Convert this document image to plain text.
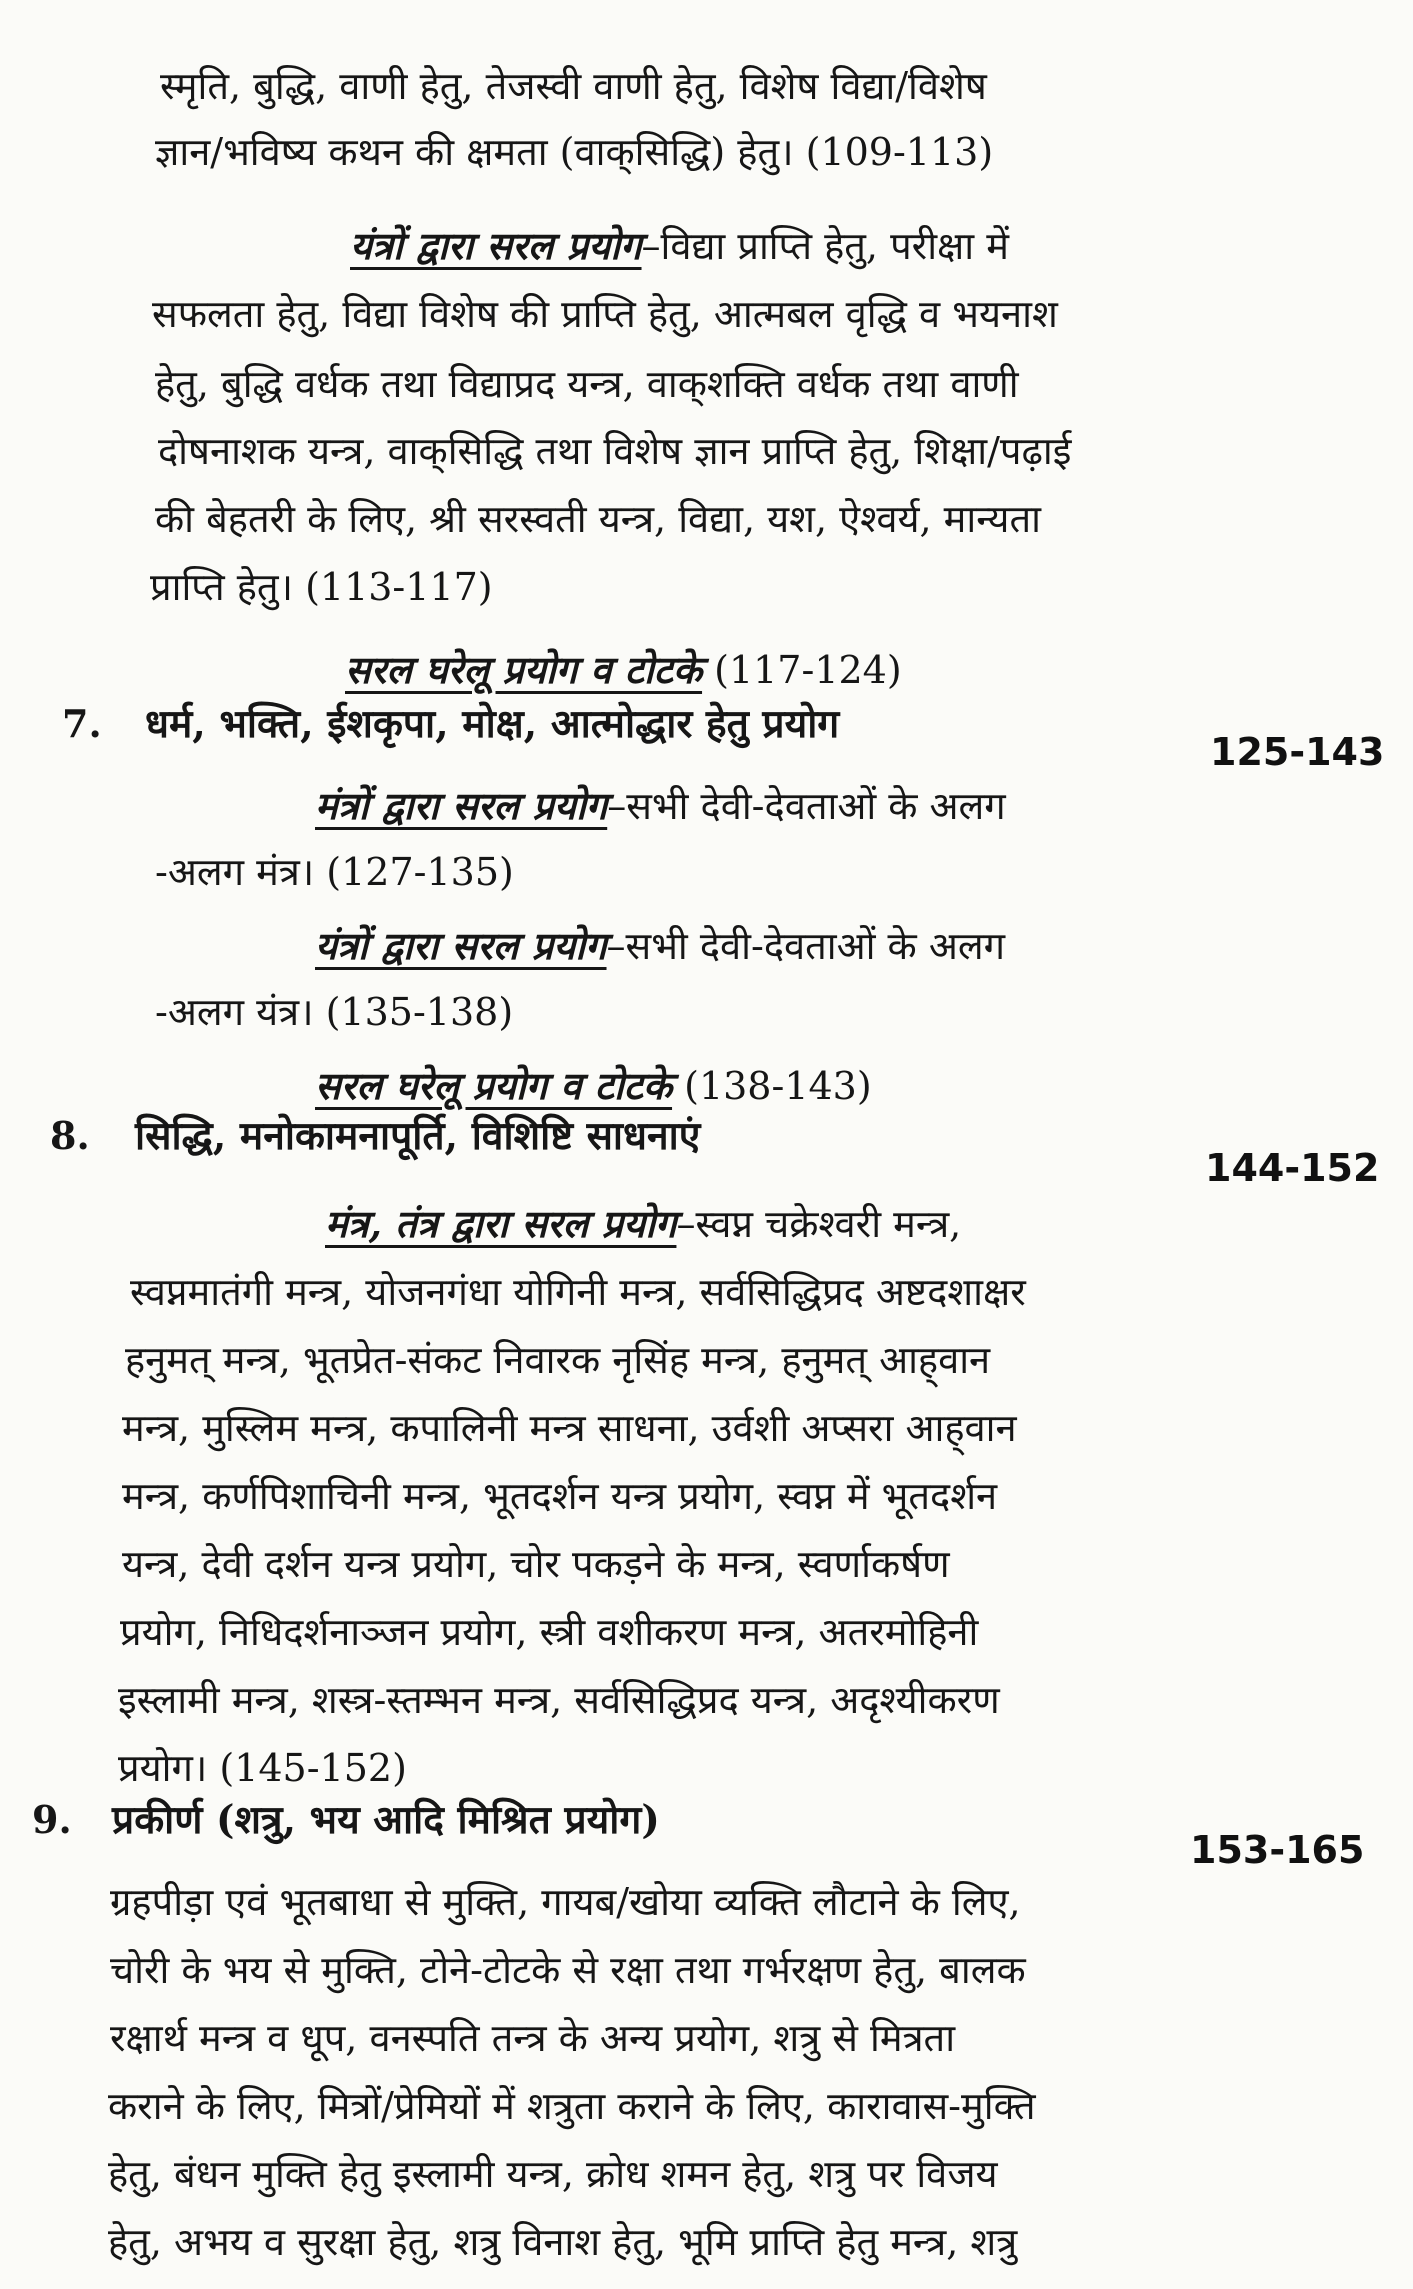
स्मृति, बुद्धि, वाणी हेतु, तेजस्वी वाणी हेतु, विशेष विद्या/विशेष
ज्ञान/भविष्य कथन की क्षमता (वाक्‌सिद्धि) हेतु। (109-113)
यंत्रों द्वारा सरल प्रयोग–विद्या प्राप्ति हेतु, परीक्षा में
सफलता हेतु, विद्या विशेष की प्राप्ति हेतु, आत्मबल वृद्धि व भयनाश
हेतु, बुद्धि वर्धक तथा विद्याप्रद यन्त्र, वाक्‌शक्ति वर्धक तथा वाणी
दोषनाशक यन्त्र, वाक्‌सिद्धि तथा विशेष ज्ञान प्राप्ति हेतु, शिक्षा/पढ़ाई
की बेहतरी के लिए, श्री सरस्वती यन्त्र, विद्या, यश, ऐश्वर्य, मान्यता
प्राप्ति हेतु। (113-117)
सरल घरेलू प्रयोग व टोटके (117-124)
7. धर्म, भक्ति, ईशकृपा, मोक्ष, आत्मोद्धार हेतु प्रयोग
125-143
मंत्रों द्वारा सरल प्रयोग–सभी देवी-देवताओं के अलग
-अलग मंत्र। (127-135)
यंत्रों द्वारा सरल प्रयोग–सभी देवी-देवताओं के अलग
-अलग यंत्र। (135-138)
सरल घरेलू प्रयोग व टोटके (138-143)
8. सिद्धि, मनोकामनापूर्ति, विशिष्टि साधनाएं
144-152
मंत्र, तंत्र द्वारा सरल प्रयोग–स्वप्न चक्रेश्वरी मन्त्र,
स्वप्नमातंगी मन्त्र, योजनगंधा योगिनी मन्त्र, सर्वसिद्धिप्रद अष्टदशाक्षर
हनुमत् मन्त्र, भूतप्रेत-संकट निवारक नृसिंह मन्त्र, हनुमत् आह्‌वान
मन्त्र, मुस्लिम मन्त्र, कपालिनी मन्त्र साधना, उर्वशी अप्सरा आह्‌वान
मन्त्र, कर्णपिशाचिनी मन्त्र, भूतदर्शन यन्त्र प्रयोग, स्वप्न में भूतदर्शन
यन्त्र, देवी दर्शन यन्त्र प्रयोग, चोर पकड़ने के मन्त्र, स्वर्णाकर्षण
प्रयोग, निधिदर्शनाञ्जन प्रयोग, स्त्री वशीकरण मन्त्र, अतरमोहिनी
इस्लामी मन्त्र, शस्त्र-स्तम्भन मन्त्र, सर्वसिद्धिप्रद यन्त्र, अदृश्यीकरण
प्रयोग। (145-152)
9. प्रकीर्ण (शत्रु, भय आदि मिश्रित प्रयोग)
153-165
ग्रहपीड़ा एवं भूतबाधा से मुक्ति, गायब/खोया व्यक्ति लौटाने के लिए,
चोरी के भय से मुक्ति, टोने-टोटके से रक्षा तथा गर्भरक्षण हेतु, बालक
रक्षार्थ मन्त्र व धूप, वनस्पति तन्त्र के अन्य प्रयोग, शत्रु से मित्रता
कराने के लिए, मित्रों/प्रेमियों में शत्रुता कराने के लिए, कारावास-मुक्ति
हेतु, बंधन मुक्ति हेतु इस्लामी यन्त्र, क्रोध शमन हेतु, शत्रु पर विजय
हेतु, अभय व सुरक्षा हेतु, शत्रु विनाश हेतु, भूमि प्राप्ति हेतु मन्त्र, शत्रु
